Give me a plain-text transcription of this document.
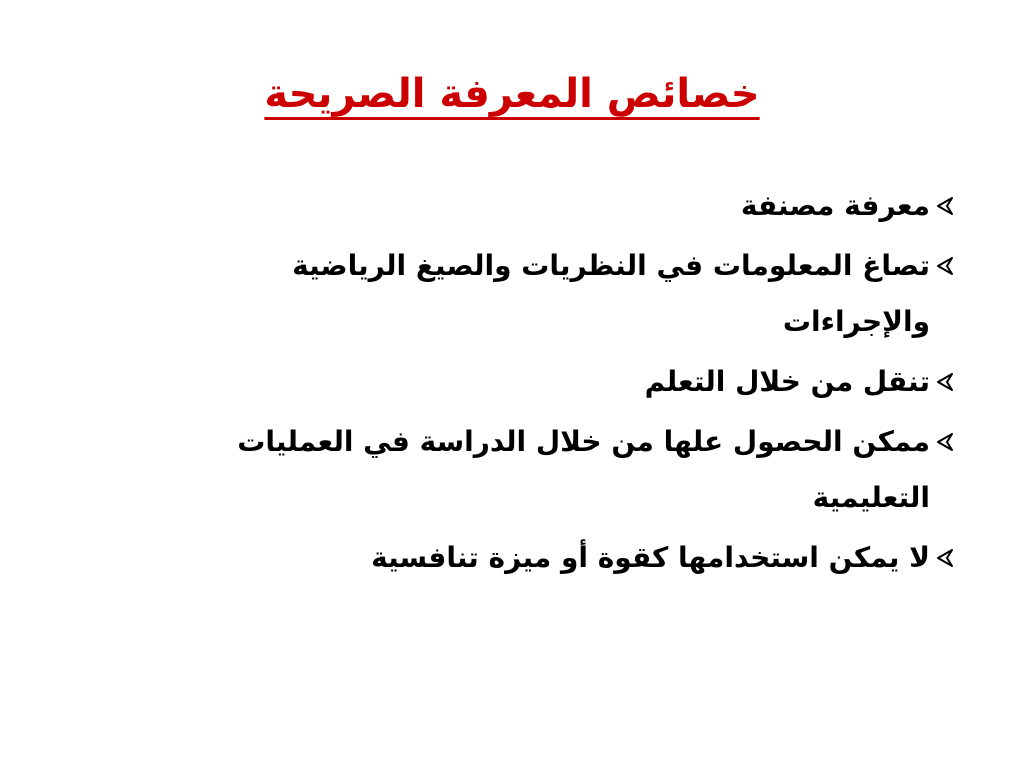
خصائص المعرفة الصريحة
معرفة مصنفة
تصاغ المعلومات في النظريات والصيغ الرياضية والإجراءات
تنقل من خلال التعلم
ممكن الحصول علها من خلال الدراسة في العمليات التعليمية
لا يمكن استخدامها كقوة أو ميزة تنافسية
